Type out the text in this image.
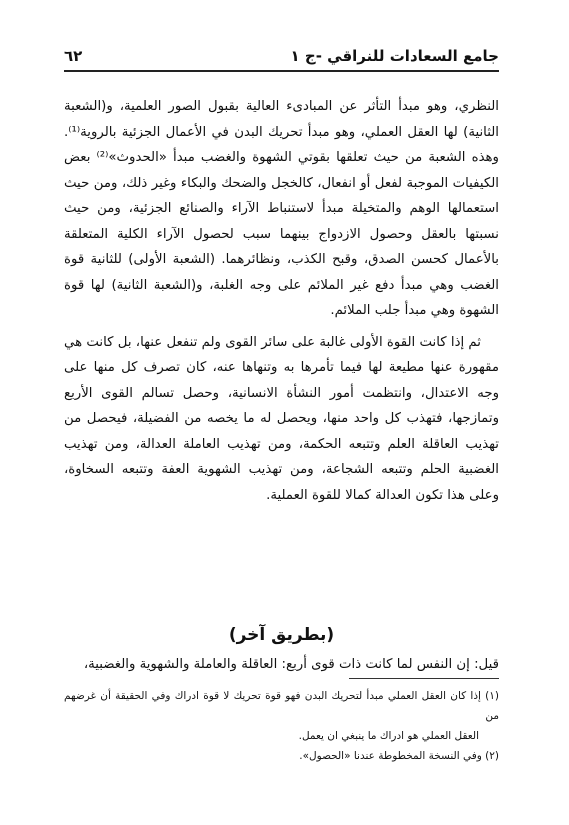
جامع السعادات للنراقي -ج ١
٦٢

النظري، وهو مبدأ التأثر عن المبادىء العالية بقبول الصور العلمية، و(الشعبة الثانية) لها العقل العملي، وهو مبدأ تحريك البدن في الأعمال الجزئية بالروية⁽¹⁾. وهذه الشعبة من حيث تعلقها بقوتي الشهوة والغضب مبدأ «الحدوث»⁽²⁾ بعض الكيفيات الموجبة لفعل أو انفعال، كالخجل والضحك والبكاء وغير ذلك، ومن حيث استعمالها الوهم والمتخيلة مبدأ لاستنباط الآراء والصنائع الجزئية، ومن حيث نسبتها بالعقل وحصول الازدواج بينهما سبب لحصول الآراء الكلية المتعلقة بالأعمال كحسن الصدق، وقبح الكذب، ونظائرهما. (الشعبة الأولى) للثانية قوة الغضب وهي مبدأ دفع غير الملائم على وجه الغلبة، و(الشعبة الثانية) لها قوة الشهوة وهي مبدأ جلب الملائم.

ثم إذا كانت القوة الأولى غالبة على سائر القوى ولم تنفعل عنها، بل كانت هي مقهورة عنها مطيعة لها فيما تأمرها به وتنهاها عنه، كان تصرف كل منها على وجه الاعتدال، وانتظمت أمور النشأة الانسانية، وحصل تسالم القوى الأربع وتمازجها، فتهذب كل واحد منها، ويحصل له ما يخصه من الفضيلة، فيحصل من تهذيب العاقلة العلم وتتبعه الحكمة، ومن تهذيب العاملة العدالة، ومن تهذيب الغضبية الحلم وتتبعه الشجاعة، ومن تهذيب الشهوية العفة وتتبعه السخاوة، وعلى هذا تكون العدالة كمالا للقوة العملية.

(بطريق آخر)

قيل: إن النفس لما كانت ذات قوى أربع: العاقلة والعاملة والشهوية والغضبية،

(١) إذا كان العقل العملي مبدأ لتحريك البدن فهو قوة تحريك لا قوة ادراك وفي الحقيقة أن غرضهم من

العقل العملي هو ادراك ما ينبغي ان يعمل.

(٢) وفي النسخة المخطوطة عندنا «الحصول».
